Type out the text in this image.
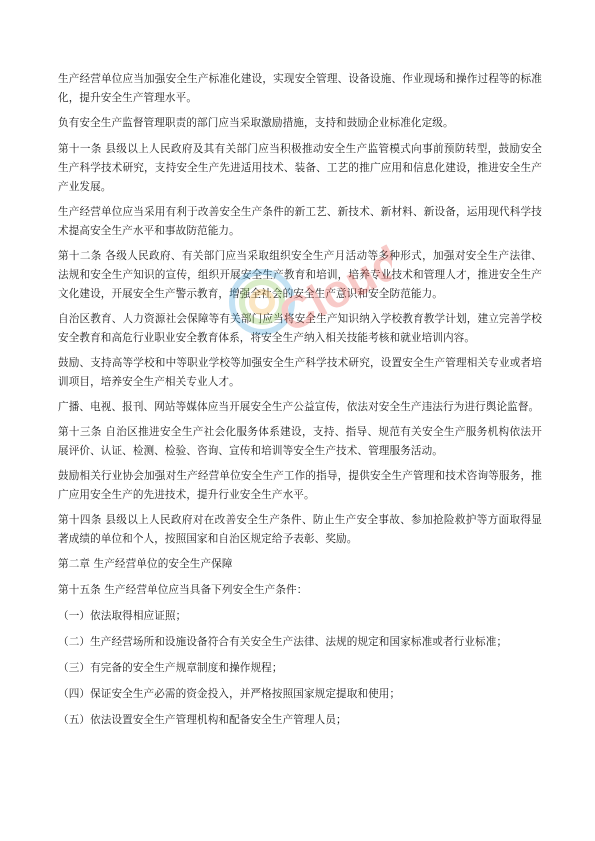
生产经营单位应当加强安全生产标准化建设，实现安全管理、设备设施、作业现场和操作过程等的标准化，提升安全生产管理水平。

负有安全生产监督管理职责的部门应当采取激励措施，支持和鼓励企业标准化定级。

第十一条 县级以上人民政府及其有关部门应当积极推动安全生产监管模式向事前预防转型，鼓励安全生产科学技术研究，支持安全生产先进适用技术、装备、工艺的推广应用和信息化建设，推进安全生产产业发展。

生产经营单位应当采用有利于改善安全生产条件的新工艺、新技术、新材料、新设备，运用现代科学技术提高安全生产水平和事故防范能力。

第十二条 各级人民政府、有关部门应当采取组织安全生产月活动等多种形式，加强对安全生产法律、法规和安全生产知识的宣传，组织开展安全生产教育和培训，培养专业技术和管理人才，推进安全生产文化建设，开展安全生产警示教育，增强全社会的安全生产意识和安全防范能力。

自治区教育、人力资源社会保障等有关部门应当将安全生产知识纳入学校教育教学计划，建立完善学校安全教育和高危行业职业安全教育体系，将安全生产纳入相关技能考核和就业培训内容。

鼓励、支持高等学校和中等职业学校等加强安全生产科学技术研究，设置安全生产管理相关专业或者培训项目，培养安全生产相关专业人才。

广播、电视、报刊、网站等媒体应当开展安全生产公益宣传，依法对安全生产违法行为进行舆论监督。

第十三条 自治区推进安全生产社会化服务体系建设，支持、指导、规范有关安全生产服务机构依法开展评价、认证、检测、检验、咨询、宣传和培训等安全生产技术、管理服务活动。

鼓励相关行业协会加强对生产经营单位安全生产工作的指导，提供安全生产管理和技术咨询等服务，推广应用安全生产的先进技术，提升行业安全生产水平。

第十四条 县级以上人民政府对在改善安全生产条件、防止生产安全事故、参加抢险救护等方面取得显著成绩的单位和个人，按照国家和自治区规定给予表彰、奖励。

第二章 生产经营单位的安全生产保障

第十五条 生产经营单位应当具备下列安全生产条件：

（一）依法取得相应证照；

（二）生产经营场所和设施设备符合有关安全生产法律、法规的规定和国家标准或者行业标准；

（三）有完备的安全生产规章制度和操作规程；

（四）保证安全生产必需的资金投入，并严格按照国家规定提取和使用；

（五）依法设置安全生产管理机构和配备安全生产管理人员；

Cloud
